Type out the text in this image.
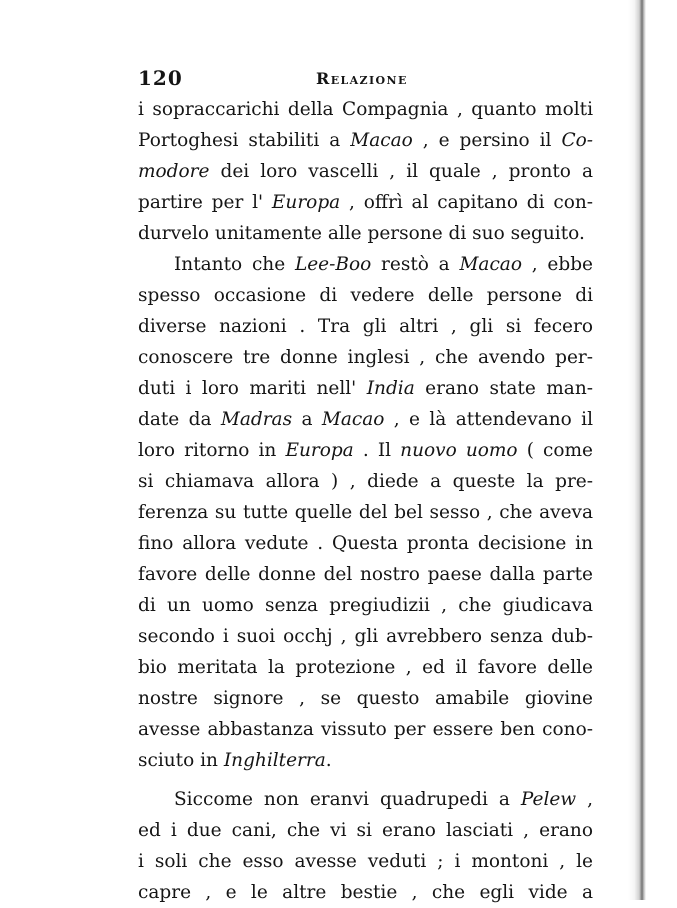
120	Relazione
i sopraccarichi della Compagnia , quanto molti
Portoghesi stabiliti a Macao , e persino il Co-
modore dei loro vascelli , il quale , pronto a
partire per l' Europa , offrì al capitano di con-
durvelo unitamente alle persone di suo seguito.
Intanto che Lee-Boo restò a Macao , ebbe
spesso occasione di vedere delle persone di
diverse nazioni . Tra gli altri , gli si fecero
conoscere tre donne inglesi , che avendo per-
duti i loro mariti nell' India erano state man-
date da Madras a Macao , e là attendevano il
loro ritorno in Europa . Il nuovo uomo ( come
si chiamava allora ) , diede a queste la pre-
ferenza su tutte quelle del bel sesso , che aveva
fino allora vedute . Questa pronta decisione in
favore delle donne del nostro paese dalla parte
di un uomo senza pregiudizii , che giudicava
secondo i suoi occhj , gli avrebbero senza dub-
bio meritata la protezione , ed il favore delle
nostre signore , se questo amabile giovine
avesse abbastanza vissuto per essere ben cono-
sciuto in Inghilterra.
Siccome non eranvi quadrupedi a Pelew ,
ed i due cani, che vi si erano lasciati , erano
i soli che esso avesse veduti ; i montoni , le
capre , e le altre bestie , che egli vide a
